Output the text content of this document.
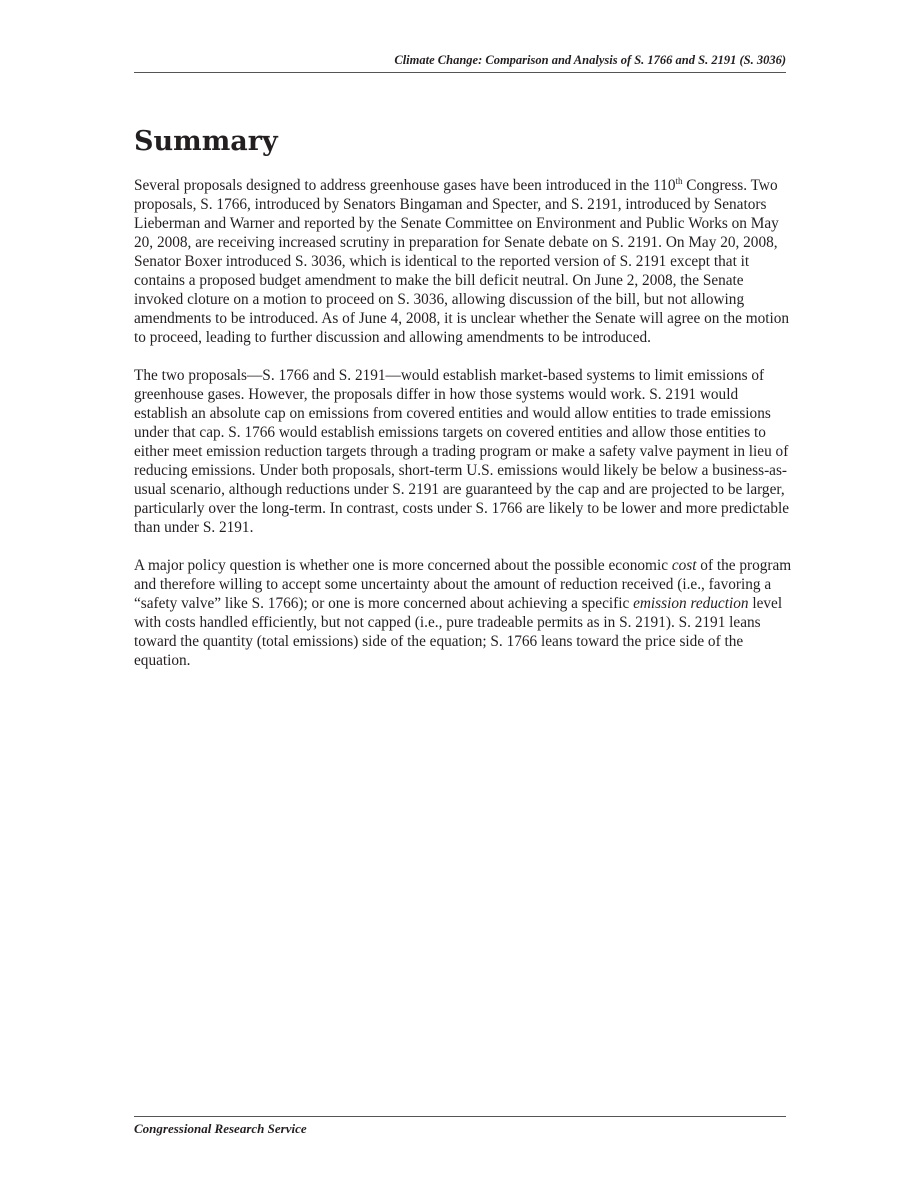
Climate Change: Comparison and Analysis of S. 1766 and S. 2191 (S. 3036)
Summary

Several proposals designed to address greenhouse gases have been introduced in the 110th Congress. Two proposals, S. 1766, introduced by Senators Bingaman and Specter, and S. 2191, introduced by Senators Lieberman and Warner and reported by the Senate Committee on Environment and Public Works on May 20, 2008, are receiving increased scrutiny in preparation for Senate debate on S. 2191. On May 20, 2008, Senator Boxer introduced S. 3036, which is identical to the reported version of S. 2191 except that it contains a proposed budget amendment to make the bill deficit neutral. On June 2, 2008, the Senate invoked cloture on a motion to proceed on S. 3036, allowing discussion of the bill, but not allowing amendments to be introduced. As of June 4, 2008, it is unclear whether the Senate will agree on the motion to proceed, leading to further discussion and allowing amendments to be introduced.

The two proposals—S. 1766 and S. 2191—would establish market-based systems to limit emissions of greenhouse gases. However, the proposals differ in how those systems would work. S. 2191 would establish an absolute cap on emissions from covered entities and would allow entities to trade emissions under that cap. S. 1766 would establish emissions targets on covered entities and allow those entities to either meet emission reduction targets through a trading program or make a safety valve payment in lieu of reducing emissions. Under both proposals, short-term U.S. emissions would likely be below a business-as-usual scenario, although reductions under S. 2191 are guaranteed by the cap and are projected to be larger, particularly over the long-term. In contrast, costs under S. 1766 are likely to be lower and more predictable than under S. 2191.

A major policy question is whether one is more concerned about the possible economic cost of the program and therefore willing to accept some uncertainty about the amount of reduction received (i.e., favoring a “safety valve” like S. 1766); or one is more concerned about achieving a specific emission reduction level with costs handled efficiently, but not capped (i.e., pure tradeable permits as in S. 2191). S. 2191 leans toward the quantity (total emissions) side of the equation; S. 1766 leans toward the price side of the equation.

Congressional Research Service
